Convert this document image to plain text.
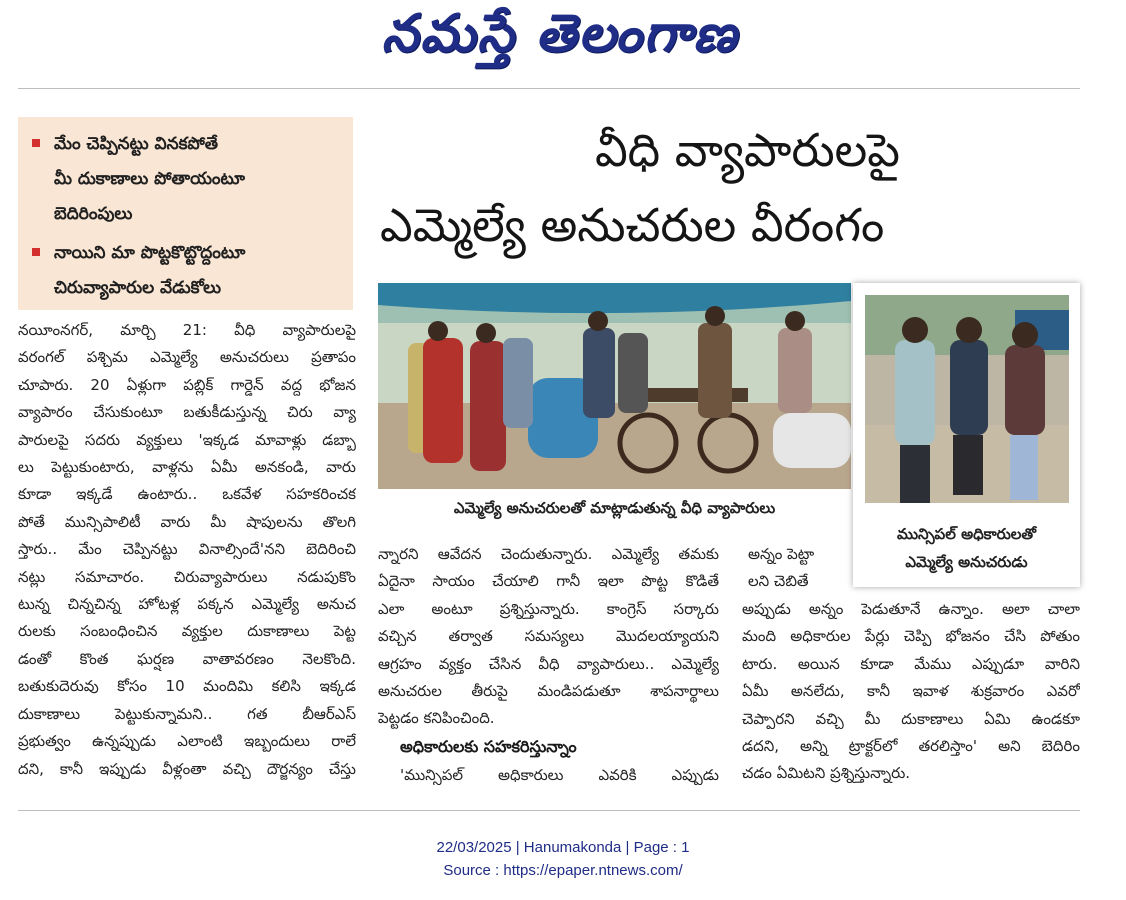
నమస్తే తెలంగాణ
మేం చెప్పినట్టు వినకపోతే
మీ దుకాణాలు పోతాయంటూ
బెదిరింపులు
నాయిని మా పొట్టకొట్టొద్దంటూ
చిరువ్యాపారుల వేడుకోలు
వీధి వ్యాపారులపై
ఎమ్మెల్యే అనుచరుల వీరంగం
నయీంనగర్, మార్చి 21: వీధి వ్యాపారులపై
వరంగల్ పశ్చిమ ఎమ్మెల్యే అనుచరులు ప్రతాపం
చూపారు. 20 ఏళ్లుగా పబ్లిక్ గార్డెన్ వద్ద భోజన
వ్యాపారం చేసుకుంటూ బతుకీడుస్తున్న చిరు వ్యా
పారులపై సదరు వ్యక్తులు 'ఇక్కడ మావాళ్లు డబ్బా
లు పెట్టుకుంటారు, వాళ్లను ఏమీ అనకండి, వారు
కూడా ఇక్కడే ఉంటారు.. ఒకవేళ సహకరించక
పోతే మున్సిపాలిటీ వారు మీ షాపులను తొలగి
స్తారు.. మేం చెప్పినట్టు వినాల్సిందే'నని బెదిరించి
నట్లు సమాచారం. చిరువ్యాపారులు నడుపుకొం
టున్న చిన్నచిన్న హోటళ్ల పక్కన ఎమ్మెల్యే అనుచ
రులకు సంబంధించిన వ్యక్తుల దుకాణాలు పెట్ట
డంతో కొంత ఘర్షణ వాతావరణం నెలకొంది.
బతుకుదెరువు కోసం 10 మందిమి కలిసి ఇక్కడ
దుకాణాలు పెట్టుకున్నామని.. గత బీఆర్ఎస్
ప్రభుత్వం ఉన్నప్పుడు ఎలాంటి ఇబ్బందులు రాలే
దని, కానీ ఇప్పుడు వీళ్లంతా వచ్చి దౌర్జన్యం చేస్తు
ఎమ్మెల్యే అనుచరులతో మాట్లాడుతున్న వీధి వ్యాపారులు
మున్సిపల్ అధికారులతో
ఎమ్మెల్యే అనుచరుడు
న్నారని ఆవేదన చెందుతున్నారు. ఎమ్మెల్యే తమకు
ఏదైనా సాయం చేయాలి గానీ ఇలా పొట్ట కొడితే
ఎలా అంటూ ప్రశ్నిస్తున్నారు. కాంగ్రెస్ సర్కారు
వచ్చిన తర్వాత సమస్యలు మొదలయ్యాయని
ఆగ్రహం వ్యక్తం చేసిన వీధి వ్యాపారులు.. ఎమ్మెల్యే
అనుచరుల తీరుపై మండిపడుతూ శాపనార్థాలు
పెట్టడం కనిపించింది.
అధికారులకు సహకరిస్తున్నాం
'మున్సిపల్ అధికారులు ఎవరికి ఎప్పుడు
అన్నం పెట్టా
లని చెబితే
అప్పుడు అన్నం పెడుతూనే ఉన్నాం. అలా చాలా
మంది అధికారుల పేర్లు చెప్పి భోజనం చేసి పోతుం
టారు. అయిన కూడా మేము ఎప్పుడూ వారిని
ఏమీ అనలేదు, కానీ ఇవాళ శుక్రవారం ఎవరో
చెప్పారని వచ్చి మీ దుకాణాలు ఏమి ఉండకూ
డదని, అన్ని ట్రాక్టర్‌లో తరలిస్తాం' అని బెదిరిం
చడం ఏమిటని ప్రశ్నిస్తున్నారు.
22/03/2025 | Hanumakonda | Page : 1
Source : https://epaper.ntnews.com/
